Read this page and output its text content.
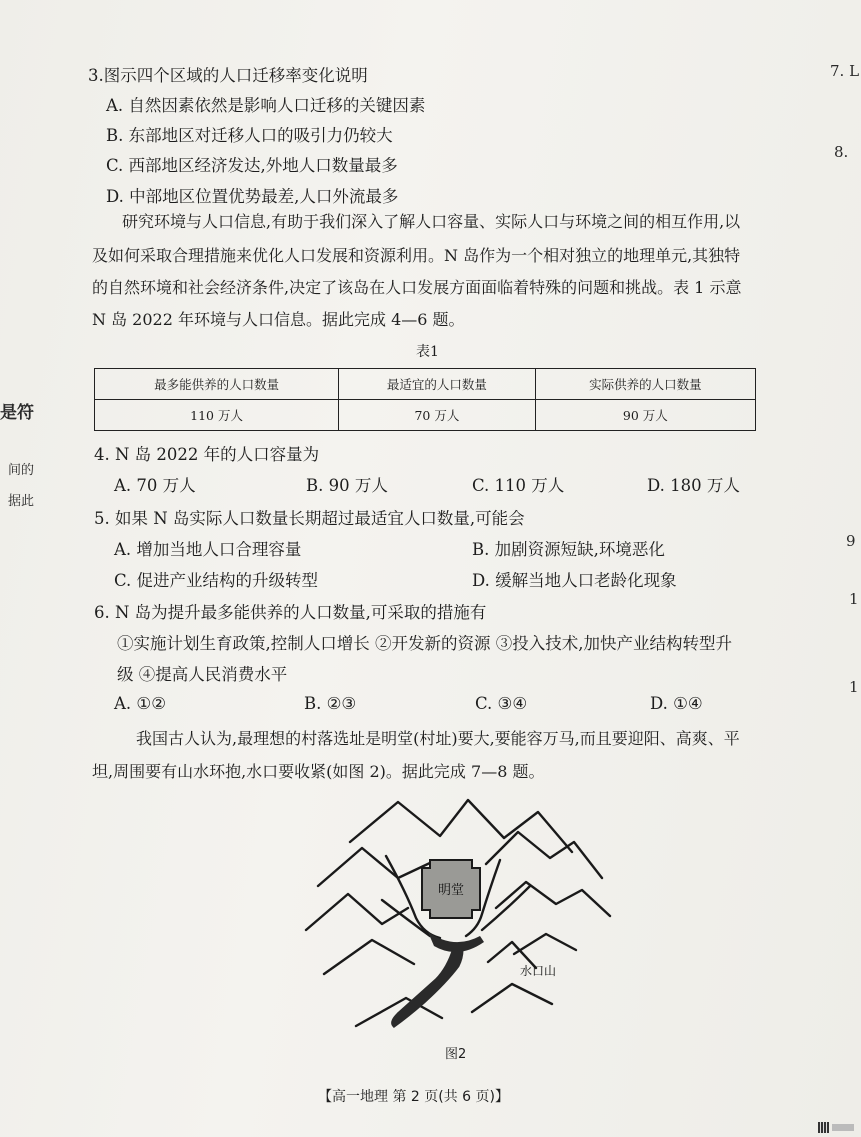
是符
间的
据此
7. L
8.
9
1
1
3.图示四个区域的人口迁移率变化说明
A. 自然因素依然是影响人口迁移的关键因素
B. 东部地区对迁移人口的吸引力仍较大
C. 西部地区经济发达,外地人口数量最多
D. 中部地区位置优势最差,人口外流最多
研究环境与人口信息,有助于我们深入了解人口容量、实际人口与环境之间的相互作用,以
及如何采取合理措施来优化人口发展和资源利用。N 岛作为一个相对独立的地理单元,其独特
的自然环境和社会经济条件,决定了该岛在人口发展方面面临着特殊的问题和挑战。表 1 示意
N 岛 2022 年环境与人口信息。据此完成 4—6 题。
表1
最多能供养的人口数量	最适宜的人口数量	实际供养的人口数量
110 万人	70 万人	90 万人
4. N 岛 2022 年的人口容量为
A. 70 万人	B. 90 万人	C. 110 万人	D. 180 万人
5. 如果 N 岛实际人口数量长期超过最适宜人口数量,可能会
A. 增加当地人口合理容量	B. 加剧资源短缺,环境恶化
C. 促进产业结构的升级转型	D. 缓解当地人口老龄化现象
6. N 岛为提升最多能供养的人口数量,可采取的措施有
①实施计划生育政策,控制人口增长 ②开发新的资源 ③投入技术,加快产业结构转型升
级 ④提高人民消费水平
A. ①②	B. ②③	C. ③④	D. ①④
我国古人认为,最理想的村落选址是明堂(村址)要大,要能容万马,而且要迎阳、高爽、平
坦,周围要有山水环抱,水口要收紧(如图 2)。据此完成 7—8 题。
明堂
水口山
图2
【高一地理 第 2 页(共 6 页)】
